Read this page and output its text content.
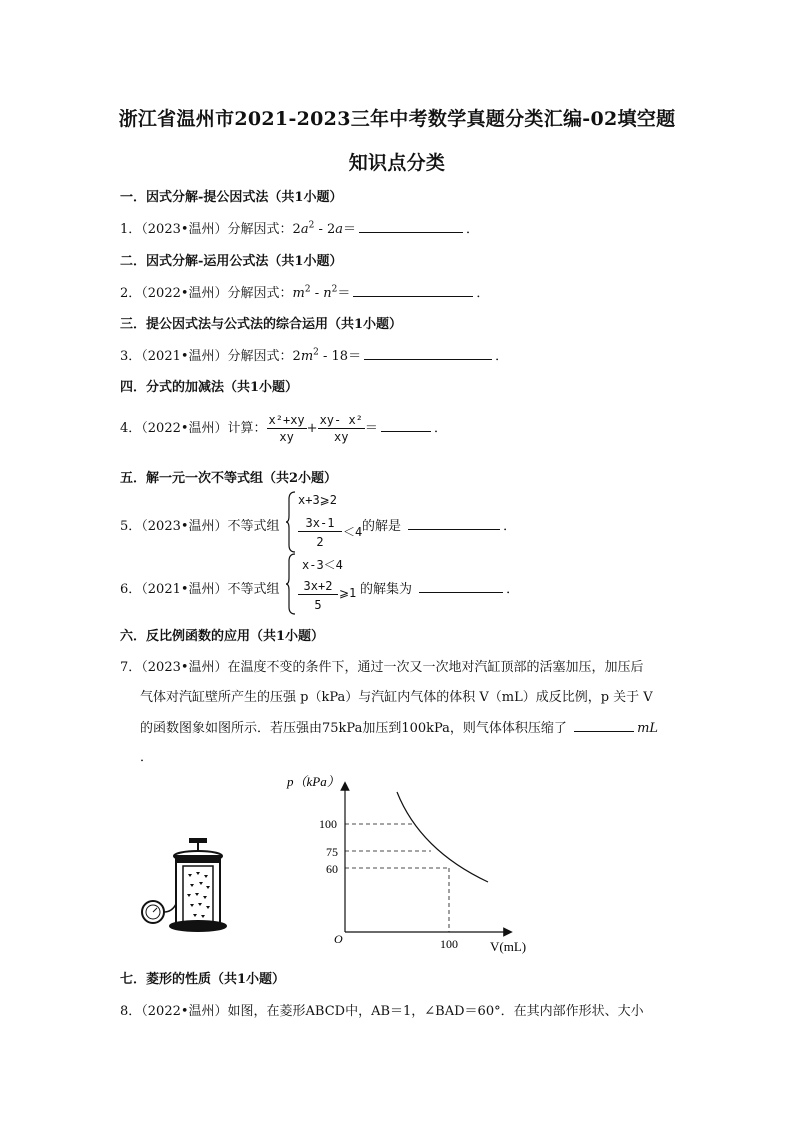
浙江省温州市2021-2023三年中考数学真题分类汇编-02填空题
知识点分类
一．因式分解-提公因式法（共1小题）
1．（2023•温州）分解因式：$2a^2 - 2a=$	．
二．因式分解-运用公式法（共1小题）
2．（2022•温州）分解因式：$m^2 - n^2=$	．
三．提公因式法与公式法的综合运用（共1小题）
3．（2021•温州）分解因式：$2m^2 - 18=$	．
四．分式的加减法（共1小题）
4．（2022•温州）计算： $\frac{\text{x²+xy}}{xy} + \frac{\text{xy- x²}}{xy}$ ＝	．
五．解一元一次不等式组（共2小题）
5．（2023•温州）不等式组
x+3⩾2
3x-1
2
＜4 的解是	．
6．（2021•温州）不等式组
x-3＜4
3x+2
5
⩾1 的解集为	．
六．反比例函数的应用（共1小题）
7．（2023•温州）在温度不变的条件下，通过一次又一次地对汽缸顶部的活塞加压，加压后
气体对汽缸壁所产生的压强 p（kPa）与汽缸内气体的体积 V（mL）成反比例，p 关于 V
的函数图象如图所示．若压强由75kPa加压到100kPa，则气体体积压缩了	mL
．
p（kPa）
V(mL)
O
100
75
60
100
七．菱形的性质（共1小题）
8．（2022•温州）如图，在菱形ABCD中，AB＝1，∠BAD＝60°．在其内部作形状、大小
